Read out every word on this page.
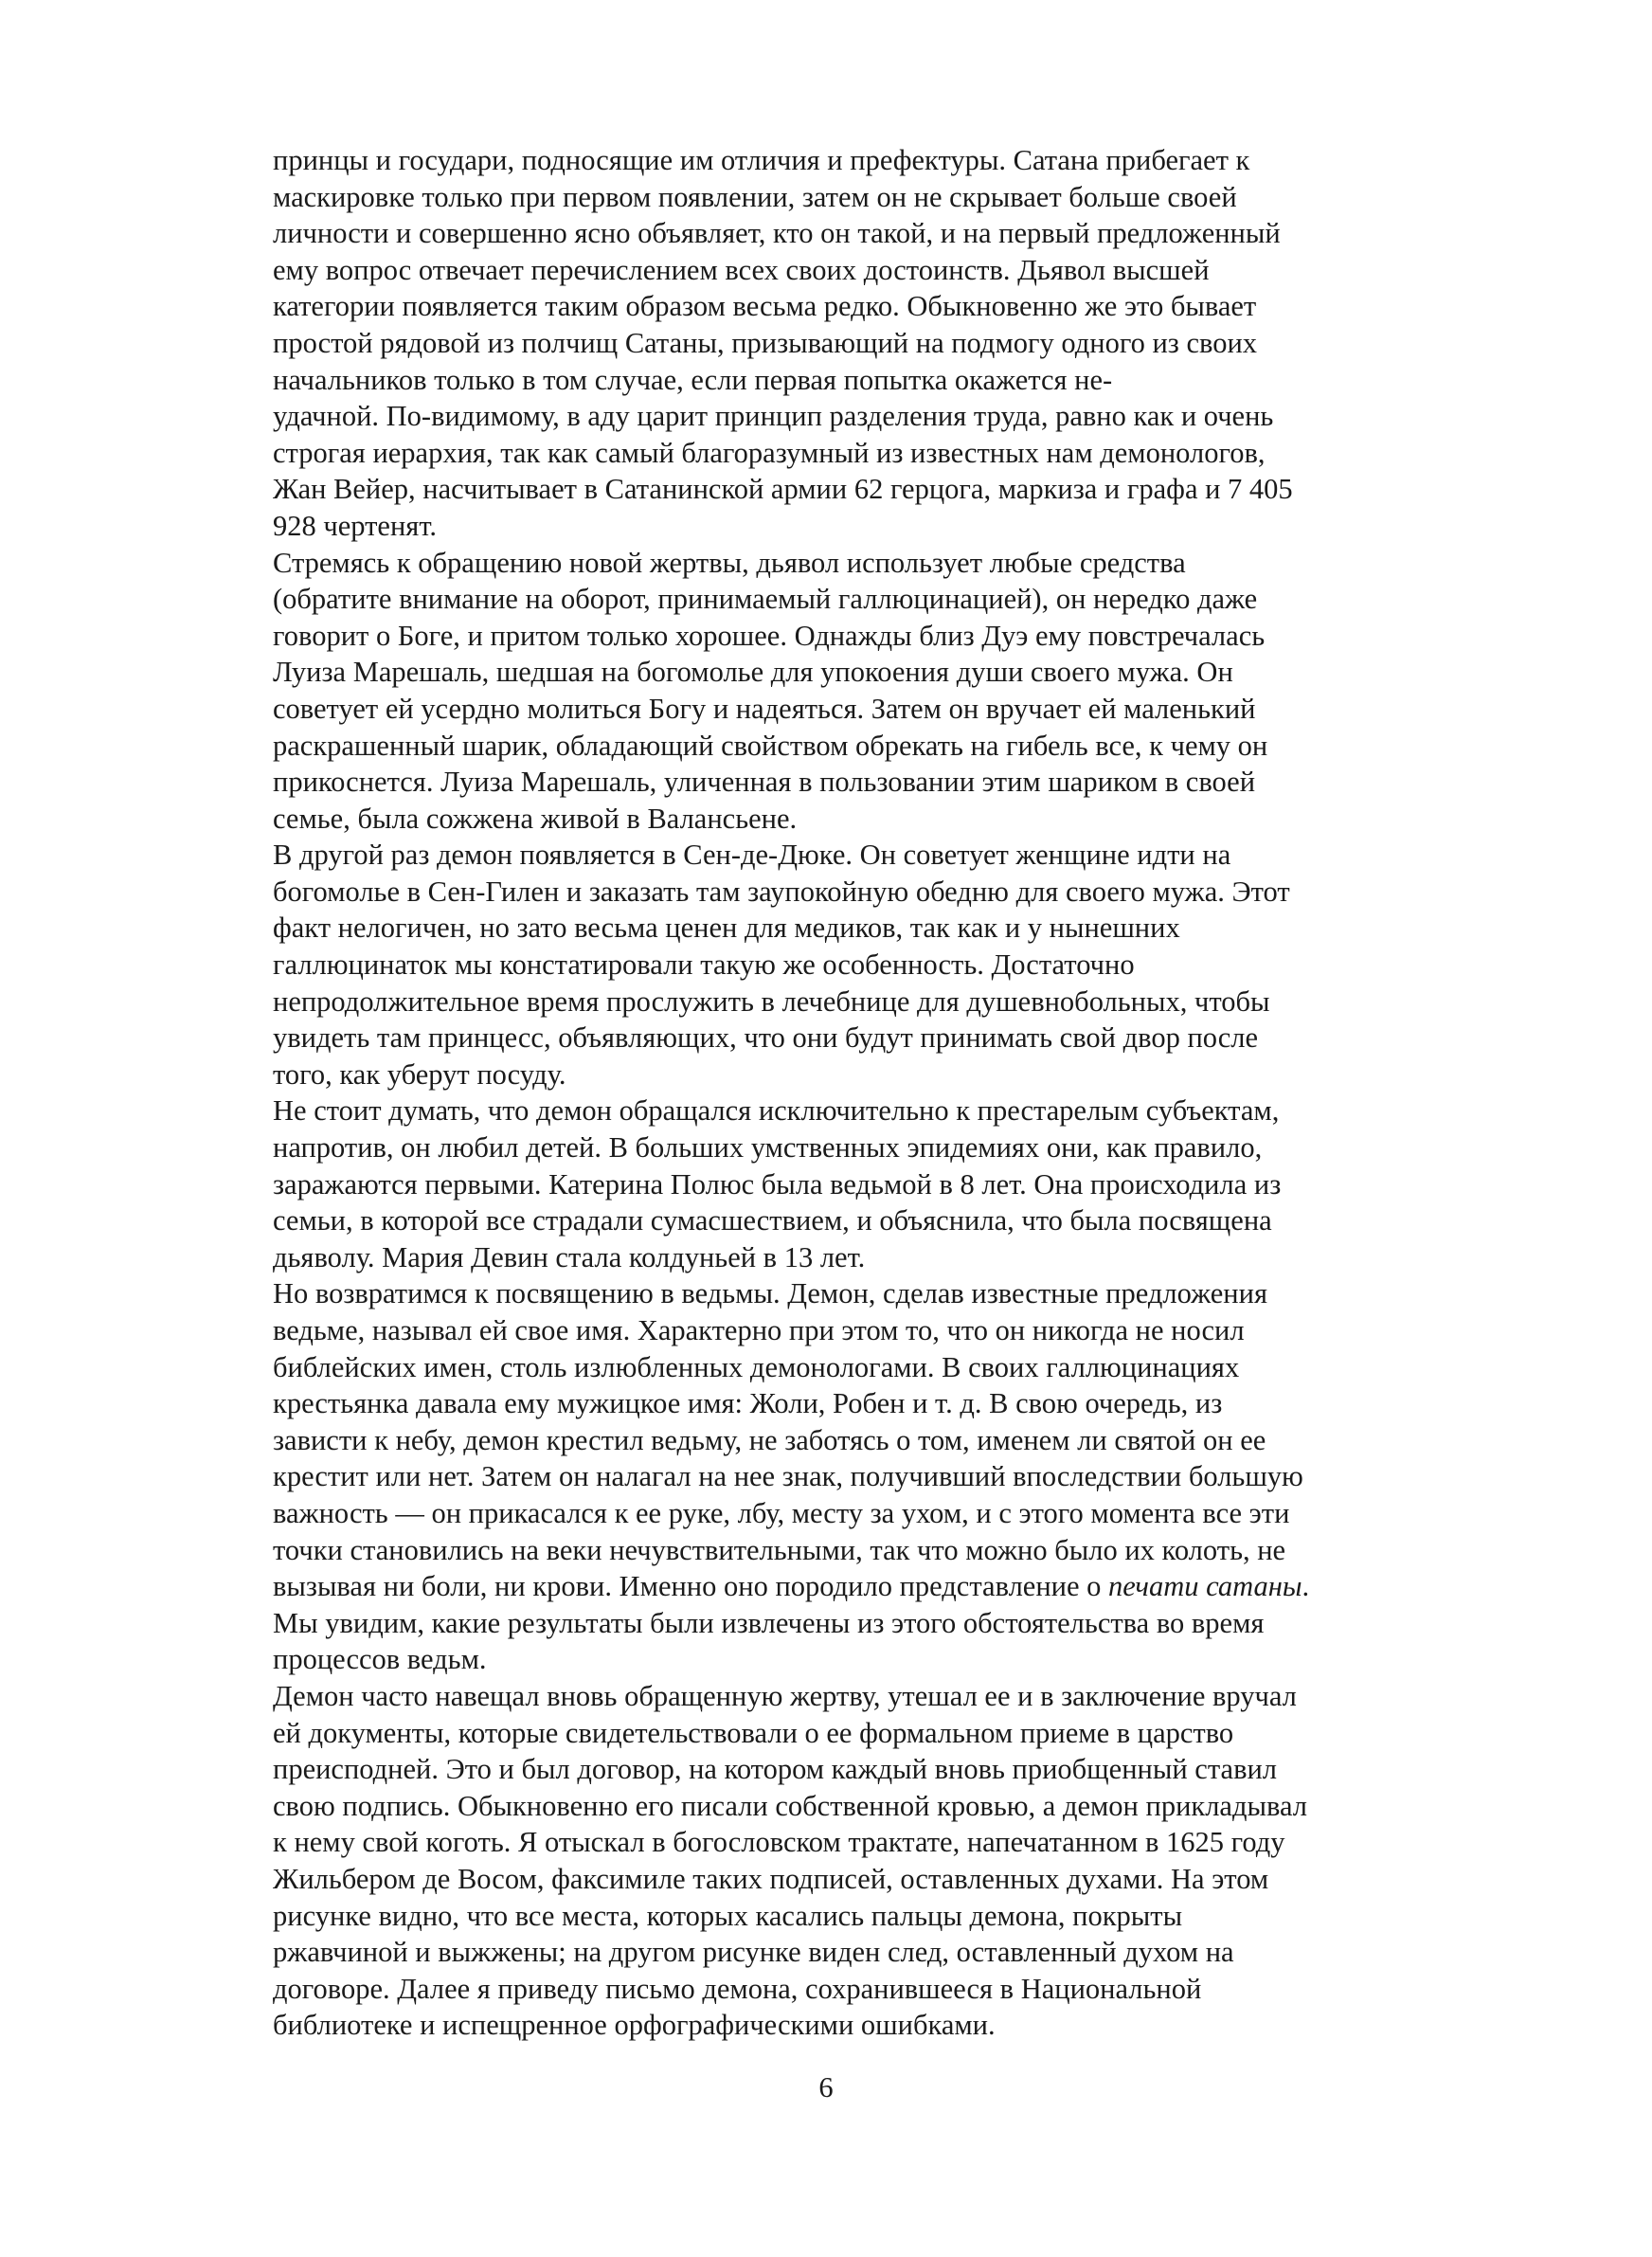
принцы и государи, подносящие им отличия и префектуры. Сатана прибегает к
маскировке только при первом появлении, затем он не скрывает больше своей
личности и совершенно ясно объявляет, кто он такой, и на первый предложенный
ему вопрос отвечает перечислением всех своих достоинств. Дьявол высшей
категории появляется таким образом весьма редко. Обыкновенно же это бывает
простой рядовой из полчищ Сатаны, призывающий на подмогу одного из своих
начальников только в том случае, если первая попытка окажется не-
удачной. По-видимому, в аду царит принцип разделения труда, равно как и очень
строгая иерархия, так как самый благоразумный из известных нам демонологов,
Жан Вейер, насчитывает в Сатанинской армии 62 герцога, маркиза и графа и 7 405
928 чертенят.
Стремясь к обращению новой жертвы, дьявол использует любые средства
(обратите внимание на оборот, принимаемый галлюцинацией), он нередко даже
говорит о Боге, и притом только хорошее. Однажды близ Дуэ ему повстречалась
Луиза Марешаль, шедшая на богомолье для упокоения души своего мужа. Он
советует ей усердно молиться Богу и надеяться. Затем он вручает ей маленький
раскрашенный шарик, обладающий свойством обрекать на гибель все, к чему он
прикоснется. Луиза Марешаль, уличенная в пользовании этим шариком в своей
семье, была сожжена живой в Валансьене.
В другой раз демон появляется в Сен-де-Дюке. Он советует женщине идти на
богомолье в Сен-Гилен и заказать там заупокойную обедню для своего мужа. Этот
факт нелогичен, но зато весьма ценен для медиков, так как и у нынешних
галлюцинаток мы констатировали такую же особенность. Достаточно
непродолжительное время прослужить в лечебнице для душевнобольных, чтобы
увидеть там принцесс, объявляющих, что они будут принимать свой двор после
того, как уберут посуду.
Не стоит думать, что демон обращался исключительно к престарелым субъектам,
напротив, он любил детей. В больших умственных эпидемиях они, как правило,
заражаются первыми. Катерина Полюс была ведьмой в 8 лет. Она происходила из
семьи, в которой все страдали сумасшествием, и объяснила, что была посвящена
дьяволу. Мария Девин стала колдуньей в 13 лет.
Но возвратимся к посвящению в ведьмы. Демон, сделав известные предложения
ведьме, называл ей свое имя. Характерно при этом то, что он никогда не носил
библейских имен, столь излюбленных демонологами. В своих галлюцинациях
крестьянка давала ему мужицкое имя: Жоли, Робен и т. д. В свою очередь, из
зависти к небу, демон крестил ведьму, не заботясь о том, именем ли святой он ее
крестит или нет. Затем он налагал на нее знак, получивший впоследствии большую
важность — он прикасался к ее руке, лбу, месту за ухом, и с этого момента все эти
точки становились на веки нечувствительными, так что можно было их колоть, не
вызывая ни боли, ни крови. Именно оно породило представление о печати сатаны.
Мы увидим, какие результаты были извлечены из этого обстоятельства во время
процессов ведьм.
Демон часто навещал вновь обращенную жертву, утешал ее и в заключение вручал
ей документы, которые свидетельствовали о ее формальном приеме в царство
преисподней. Это и был договор, на котором каждый вновь приобщенный ставил
свою подпись. Обыкновенно его писали собственной кровью, а демон прикладывал
к нему свой коготь. Я отыскал в богословском трактате, напечатанном в 1625 году
Жильбером де Восом, факсимиле таких подписей, оставленных духами. На этом
рисунке видно, что все места, которых касались пальцы демона, покрыты
ржавчиной и выжжены; на другом рисунке виден след, оставленный духом на
договоре. Далее я приведу письмо демона, сохранившееся в Национальной
библиотеке и испещренное орфографическими ошибками.
6
